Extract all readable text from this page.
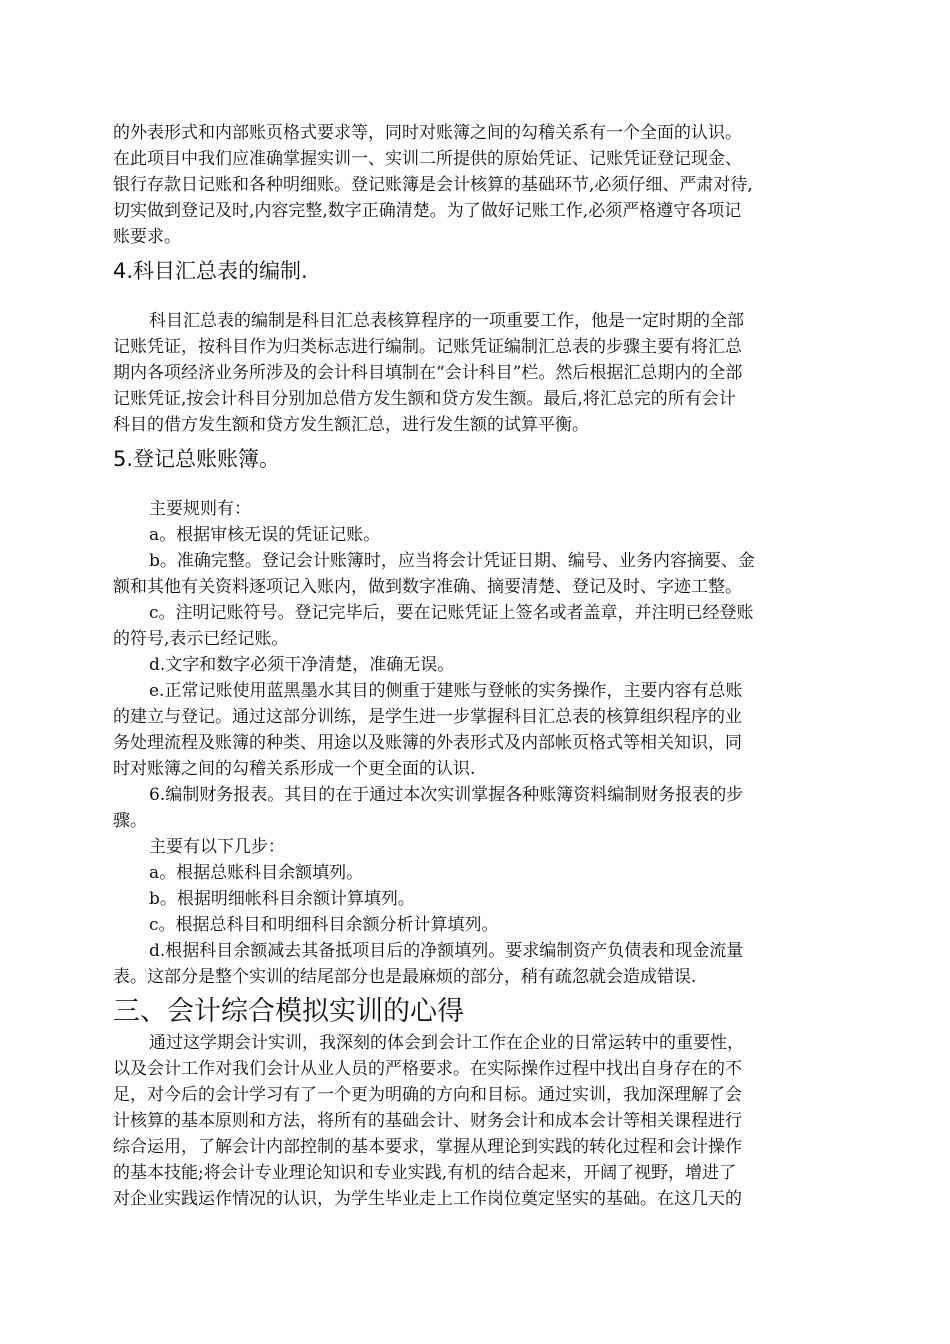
的外表形式和内部账页格式要求等，同时对账簿之间的勾稽关系有一个全面的认识。
在此项目中我们应准确掌握实训一、实训二所提供的原始凭证、记账凭证登记现金、
银行存款日记账和各种明细账。登记账簿是会计核算的基础环节,必须仔细、严肃对待,
切实做到登记及时,内容完整,数字正确清楚。为了做好记账工作,必须严格遵守各项记
账要求。
4.科目汇总表的编制.
科目汇总表的编制是科目汇总表核算程序的一项重要工作，他是一定时期的全部
记账凭证，按科目作为归类标志进行编制。记账凭证编制汇总表的步骤主要有将汇总
期内各项经济业务所涉及的会计科目填制在“会计科目”栏。然后根据汇总期内的全部
记账凭证,按会计科目分别加总借方发生额和贷方发生额。最后,将汇总完的所有会计
科目的借方发生额和贷方发生额汇总，进行发生额的试算平衡。
5.登记总账账簿。
主要规则有：
a。根据审核无误的凭证记账。
b。准确完整。登记会计账簿时，应当将会计凭证日期、编号、业务内容摘要、金
额和其他有关资料逐项记入账内，做到数字准确、摘要清楚、登记及时、字迹工整。
c。注明记账符号。登记完毕后，要在记账凭证上签名或者盖章，并注明已经登账
的符号,表示已经记账。
d.文字和数字必须干净清楚，准确无误。
e.正常记账使用蓝黑墨水其目的侧重于建账与登帐的实务操作，主要内容有总账
的建立与登记。通过这部分训练，是学生进一步掌握科目汇总表的核算组织程序的业
务处理流程及账簿的种类、用途以及账簿的外表形式及内部帐页格式等相关知识，同
时对账簿之间的勾稽关系形成一个更全面的认识.
6.编制财务报表。其目的在于通过本次实训掌握各种账簿资料编制财务报表的步
骤。
主要有以下几步：
a。根据总账科目余额填列。
b。根据明细帐科目余额计算填列。
c。根据总科目和明细科目余额分析计算填列。
d.根据科目余额减去其备抵项目后的净额填列。要求编制资产负债表和现金流量
表。这部分是整个实训的结尾部分也是最麻烦的部分，稍有疏忽就会造成错误.
三、会计综合模拟实训的心得
通过这学期会计实训，我深刻的体会到会计工作在企业的日常运转中的重要性，
以及会计工作对我们会计从业人员的严格要求。在实际操作过程中找出自身存在的不
足，对今后的会计学习有了一个更为明确的方向和目标。通过实训，我加深理解了会
计核算的基本原则和方法，将所有的基础会计、财务会计和成本会计等相关课程进行
综合运用，了解会计内部控制的基本要求，掌握从理论到实践的转化过程和会计操作
的基本技能;将会计专业理论知识和专业实践,有机的结合起来，开阔了视野，增进了
对企业实践运作情况的认识，为学生毕业走上工作岗位奠定坚实的基础。在这几天的
